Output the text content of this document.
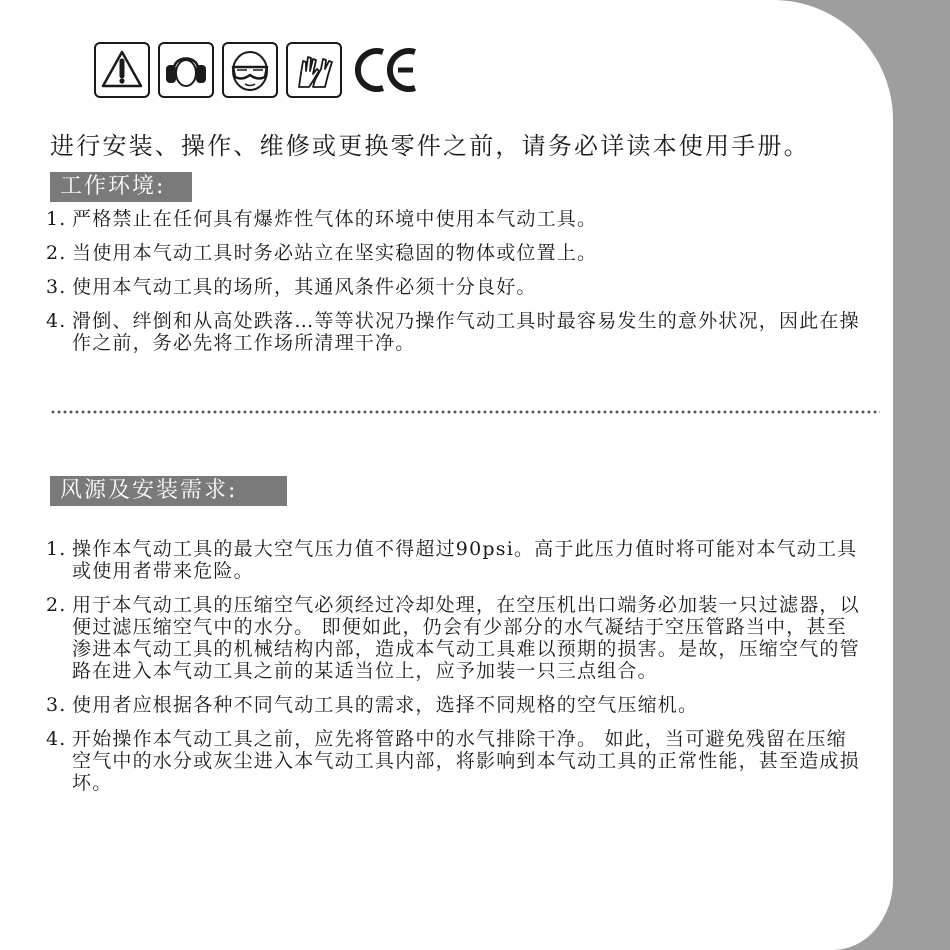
进行安装、操作、维修或更换零件之前，请务必详读本使用手册。
工作环境:
1. 严格禁止在任何具有爆炸性气体的环境中使用本气动工具。
2. 当使用本气动工具时务必站立在坚实稳固的物体或位置上。
3. 使用本气动工具的场所，其通风条件必须十分良好。
4. 滑倒、绊倒和从高处跌落…等等状况乃操作气动工具时最容易发生的意外状况，因此在操作之前，务必先将工作场所清理干净。
风源及安装需求:
1. 操作本气动工具的最大空气压力值不得超过90psi。高于此压力值时将可能对本气动工具或使用者带来危险。
2. 用于本气动工具的压缩空气必须经过冷却处理，在空压机出口端务必加装一只过滤器，以便过滤压缩空气中的水分。 即便如此，仍会有少部分的水气凝结于空压管路当中，甚至渗进本气动工具的机械结构内部，造成本气动工具难以预期的损害。是故，压缩空气的管路在进入本气动工具之前的某适当位上，应予加装一只三点组合。
3. 使用者应根据各种不同气动工具的需求，选择不同规格的空气压缩机。
4. 开始操作本气动工具之前，应先将管路中的水气排除干净。 如此，当可避免残留在压缩空气中的水分或灰尘进入本气动工具内部，将影响到本气动工具的正常性能，甚至造成损坏。
